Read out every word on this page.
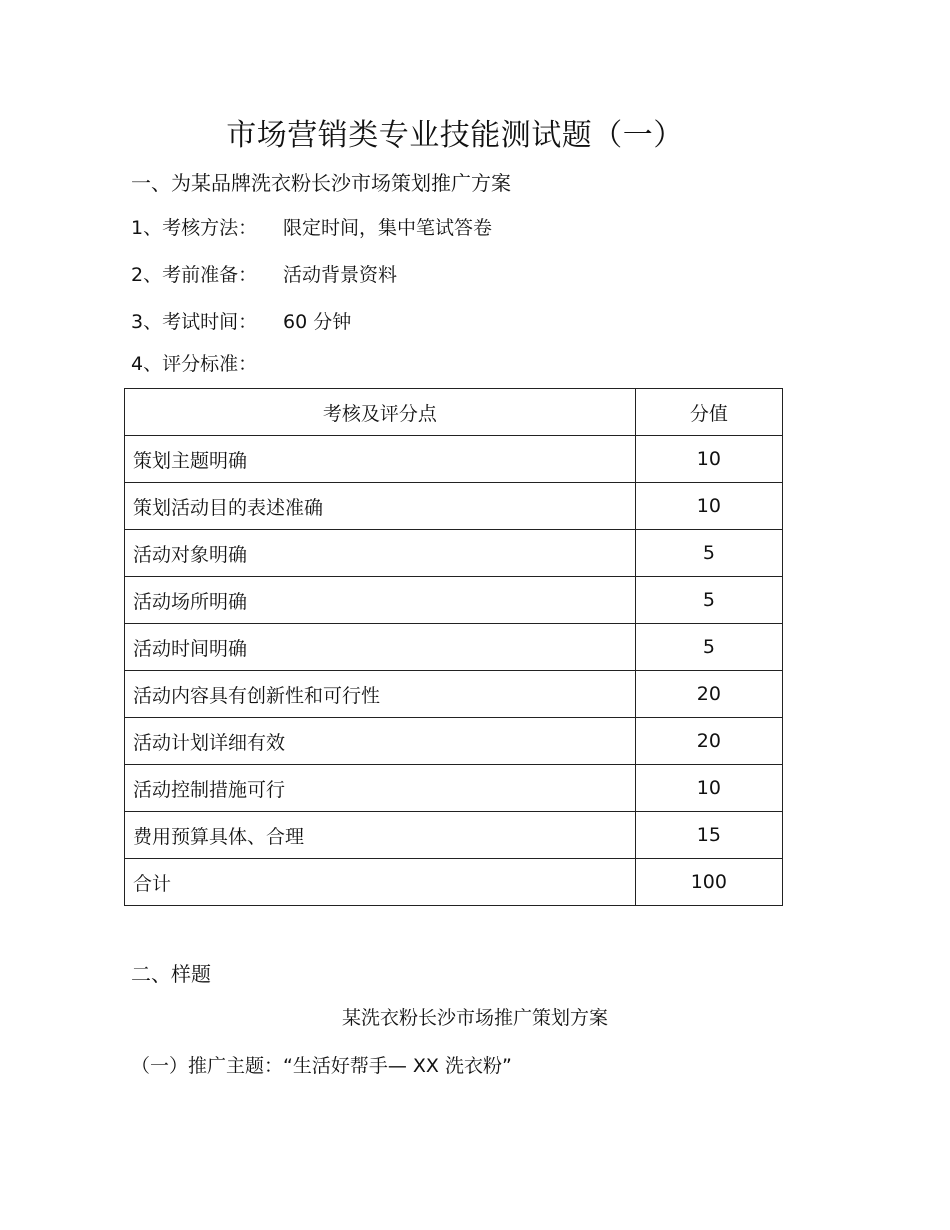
市场营销类专业技能测试题（一）
一、为某品牌洗衣粉长沙市场策划推广方案
1、考核方法： 限定时间，集中笔试答卷
2、考前准备： 活动背景资料
3、考试时间： 60 分钟
4、评分标准：
考核及评分点	分值
策划主题明确	10
策划活动目的表述准确	10
活动对象明确	5
活动场所明确	5
活动时间明确	5
活动内容具有创新性和可行性	20
活动计划详细有效	20
活动控制措施可行	10
费用预算具体、合理	15
合计	100
二、样题
某洗衣粉长沙市场推广策划方案
（一）推广主题：“生活好帮手— XX 洗衣粉”
